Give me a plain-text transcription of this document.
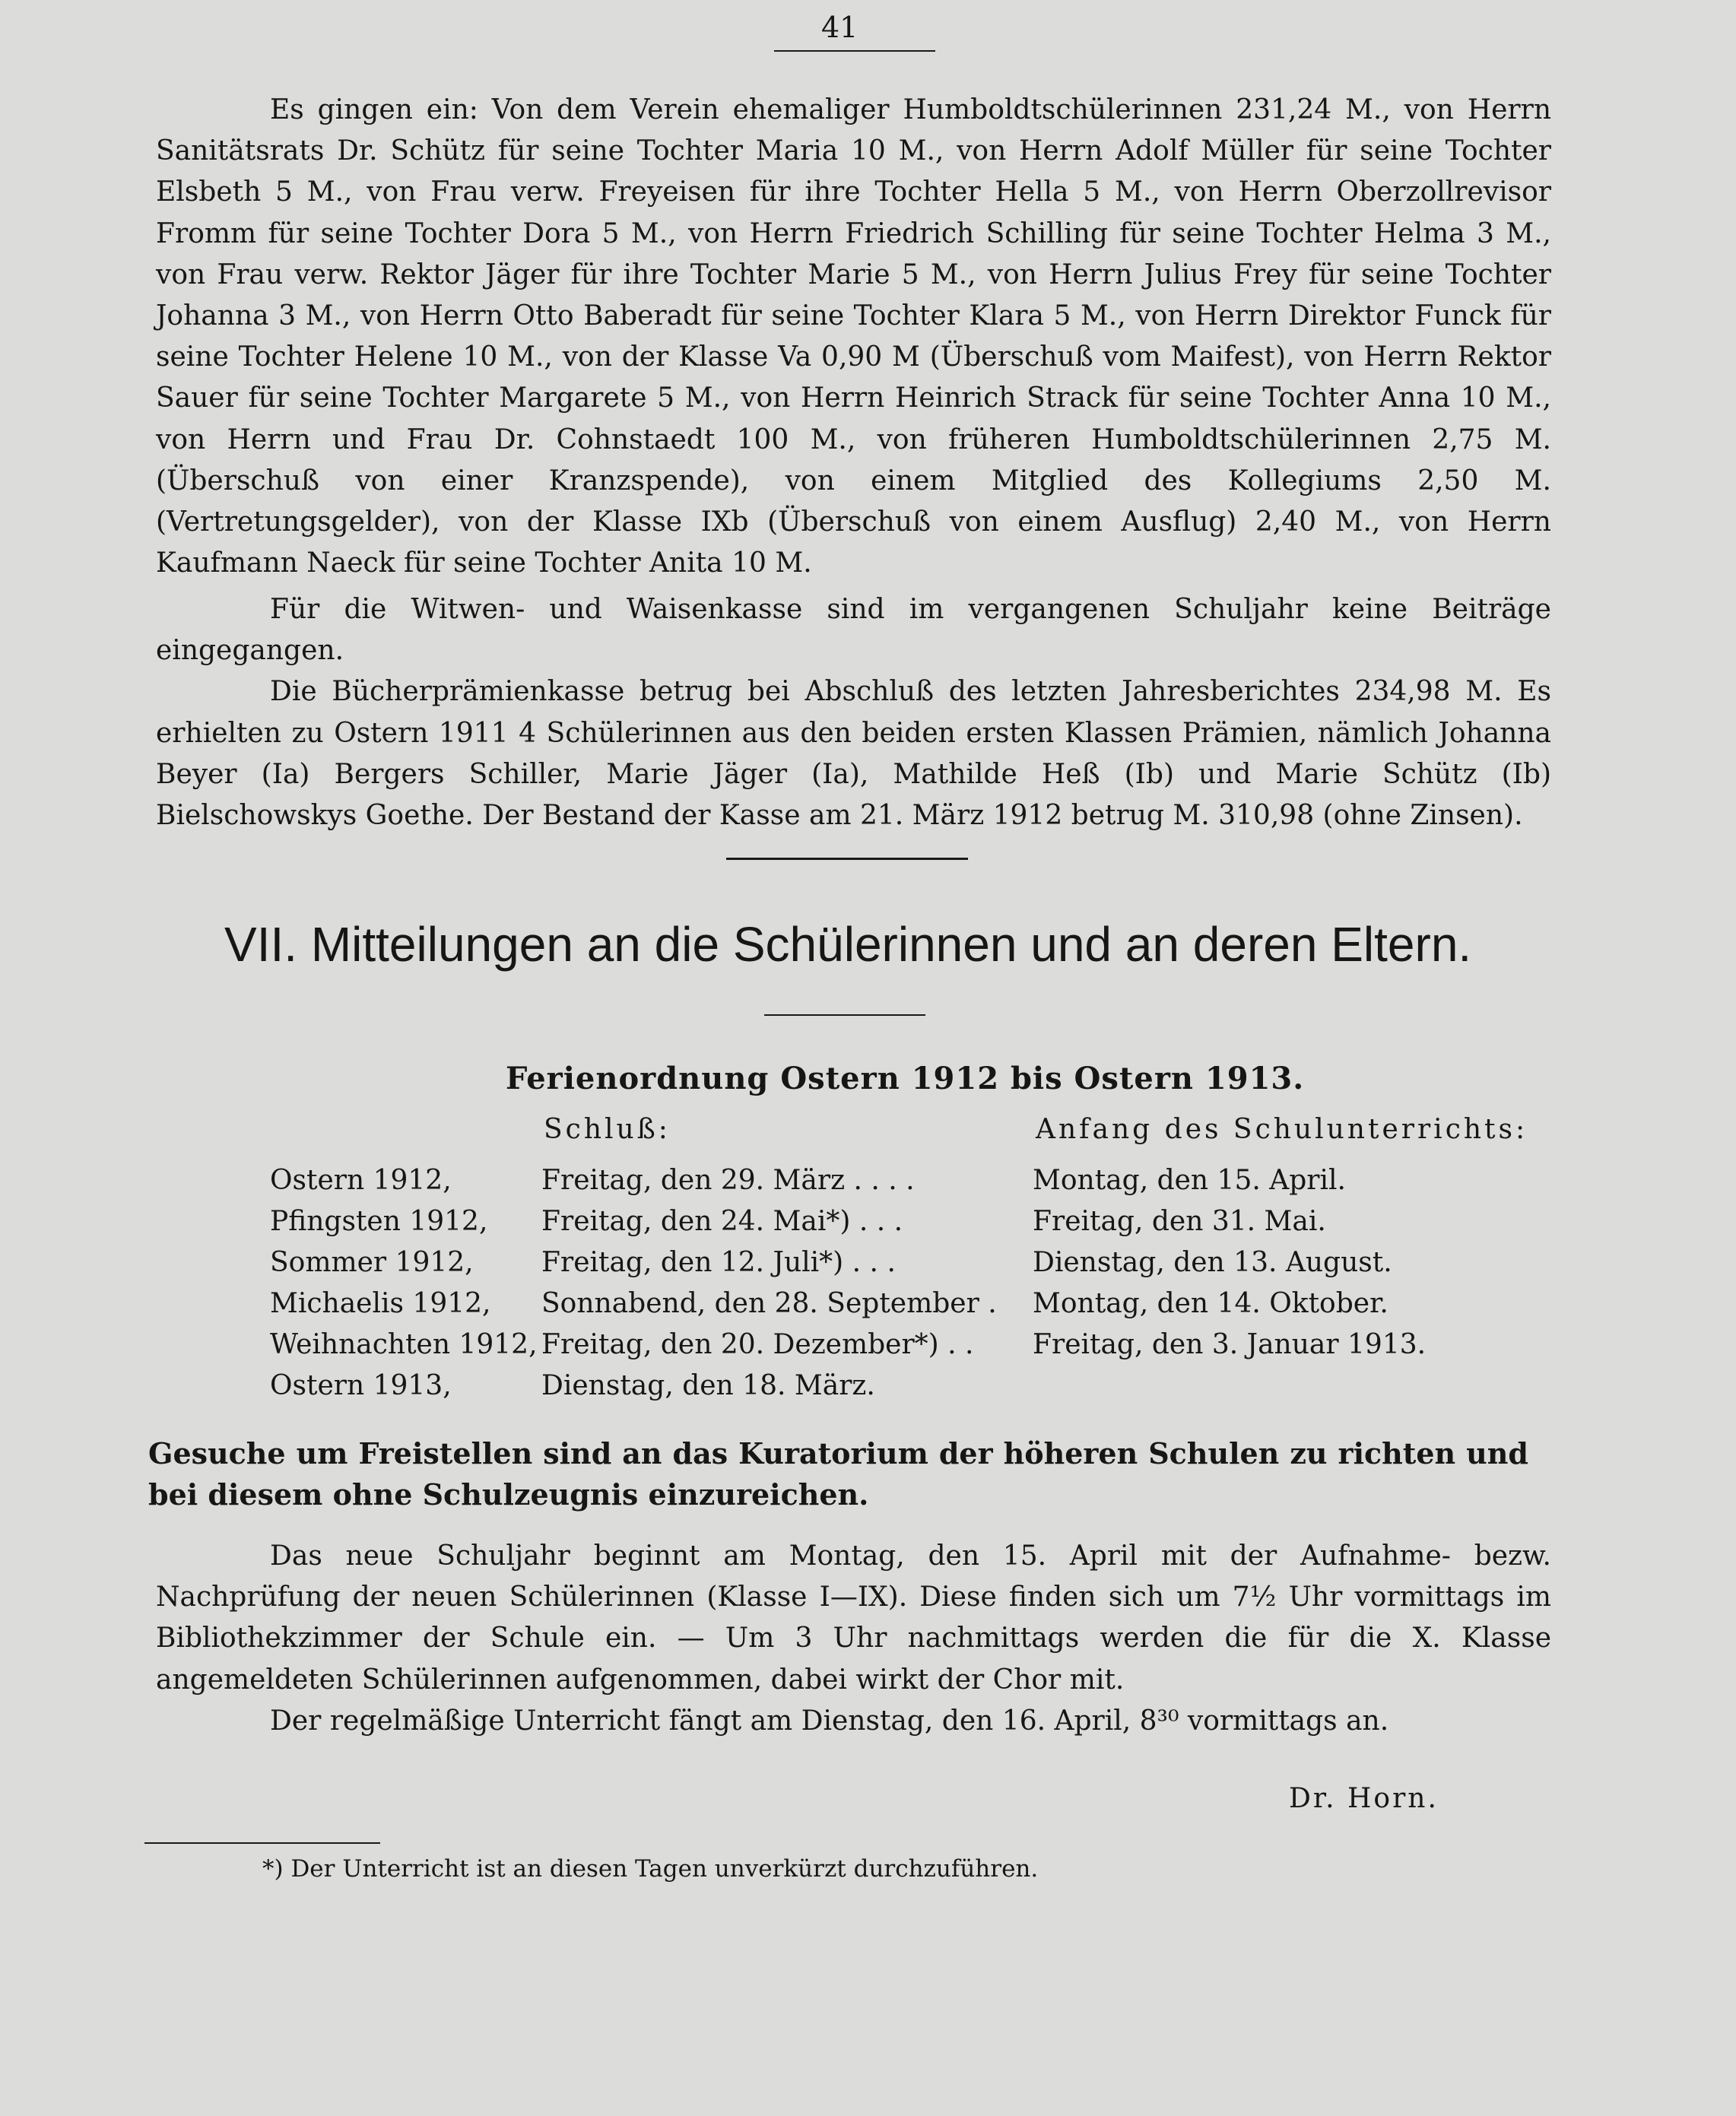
41

Es gingen ein: Von dem Verein ehemaliger Humboldtschülerinnen 231,24 M., von Herrn Sanitätsrats Dr. Schütz für seine Tochter Maria 10 M., von Herrn Adolf Müller für seine Tochter Elsbeth 5 M., von Frau verw. Freyeisen für ihre Tochter Hella 5 M., von Herrn Oberzollrevisor Fromm für seine Tochter Dora 5 M., von Herrn Friedrich Schilling für seine Tochter Helma 3 M., von Frau verw. Rektor Jäger für ihre Tochter Marie 5 M., von Herrn Julius Frey für seine Tochter Johanna 3 M., von Herrn Otto Baberadt für seine Tochter Klara 5 M., von Herrn Direktor Funck für seine Tochter Helene 10 M., von der Klasse Va 0,90 M (Überschuß vom Maifest), von Herrn Rektor Sauer für seine Tochter Margarete 5 M., von Herrn Heinrich Strack für seine Tochter Anna 10 M., von Herrn und Frau Dr. Cohnstaedt 100 M., von früheren Humboldtschülerinnen 2,75 M. (Überschuß von einer Kranzspende), von einem Mitglied des Kollegiums 2,50 M. (Vertretungsgelder), von der Klasse IXb (Überschuß von einem Ausflug) 2,40 M., von Herrn Kaufmann Naeck für seine Tochter Anita 10 M.

Für die Witwen- und Waisenkasse sind im vergangenen Schuljahr keine Beiträge eingegangen.

Die Bücherprämienkasse betrug bei Abschluß des letzten Jahresberichtes 234,98 M. Es erhielten zu Ostern 1911 4 Schülerinnen aus den beiden ersten Klassen Prämien, nämlich Johanna Beyer (Ia) Bergers Schiller, Marie Jäger (Ia), Mathilde Heß (Ib) und Marie Schütz (Ib) Bielschowskys Goethe. Der Bestand der Kasse am 21. März 1912 betrug M. 310,98 (ohne Zinsen).

VII. Mitteilungen an die Schülerinnen und an deren Eltern.
Ferienordnung Ostern 1912 bis Ostern 1913.
Schluß:	Anfang des Schulunterrichts:
Ostern 1912,	Freitag, den 29. März . . . .	Montag, den 15. April.
Pfingsten 1912, Freitag, den 24. Mai*) . . .	Freitag, den 31. Mai.
Sommer 1912, Freitag, den 12. Juli*) . . .	Dienstag, den 13. August.
Michaelis 1912, Sonnabend, den 28. September . Montag, den 14. Oktober.
Weihnachten 1912, Freitag, den 20. Dezember*) . . Freitag, den 3. Januar 1913.
Ostern 1913,	Dienstag, den 18. März.
Gesuche um Freistellen sind an das Kuratorium der höheren Schulen zu richten und bei diesem ohne Schulzeugnis einzureichen.

Das neue Schuljahr beginnt am Montag, den 15. April mit der Aufnahme- bezw. Nachprüfung der neuen Schülerinnen (Klasse I—IX). Diese finden sich um 7½ Uhr vormittags im Bibliothekzimmer der Schule ein. — Um 3 Uhr nachmittags werden die für die X. Klasse angemeldeten Schülerinnen aufgenommen, dabei wirkt der Chor mit.

Der regelmäßige Unterricht fängt am Dienstag, den 16. April, 8³⁰ vormittags an.

Dr. Horn.
*) Der Unterricht ist an diesen Tagen unverkürzt durchzuführen.
